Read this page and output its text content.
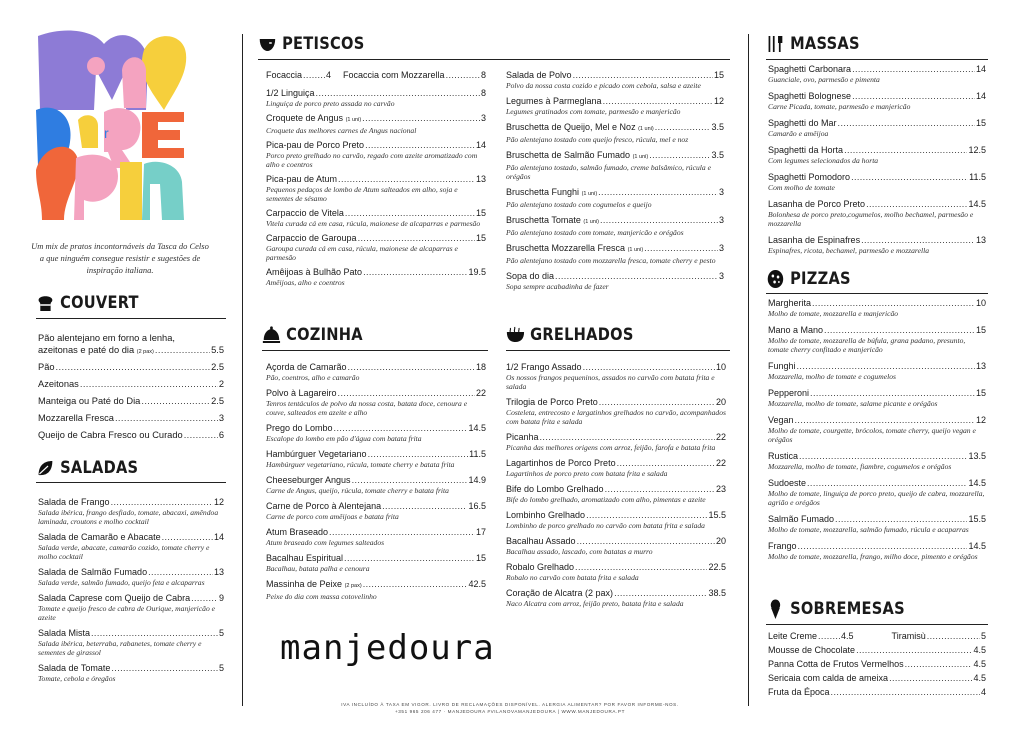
r
Um mix de pratos incontornáveis da Tasca do Celso a que ninguém consegue resistir e sugestões de inspiração italiana.
COUVERT
Pão alentejano em forno a lenha,
azeitonas e paté do dia (2 pax) .....	5.5
Pão .....	2.5
Azeitonas .....	2
Manteiga ou Paté do Dia .....	2.5
Mozzarella Fresca .....	3
Queijo de Cabra Fresco ou Curado .....	6
SALADAS
Salada de Frango .....	12
Salada ibérica, frango desfiado, tomate, abacaxi, amêndoa laminada, croutons e molho cocktail
Salada de Camarão e Abacate .....	14
Salada verde, abacate, camarão cozido, tomate cherry e molho cocktail
Salada de Salmão Fumado .....	13
Salada verde, salmão fumado, queijo feta e alcaparras
Salada Caprese com Queijo de Cabra .....	9
Tomate e queijo fresco de cabra de Ourique, manjericão e azeite
Salada Mista .....	5
Salada ibérica, beterraba, rabanetes, tomate cherry e sementes de girassol
Salada de Tomate .....	5
Tomate, cebola e óregãos
PETISCOS
Focaccia .....	4 Focaccia com Mozzarella .....	8
1/2 Linguiça .....	8
Linguiça de porco preto assada no carvão
Croquete de Angus (1 uni) .....	3
Croquete das melhores carnes de Angus nacional
Pica-pau de Porco Preto .....	14
Porco preto grelhado no carvão, regado com azeite aromatizado com alho e coentros
Pica-pau de Atum .....	13
Pequenos pedaços de lombo de Atum salteados em alho, soja e sementes de sésamo
Carpaccio de Vitela .....	15
Vitela curada cá em casa, rúcula, maionese de alcaparras e parmesão
Carpaccio de Garoupa .....	15
Garoupa curada cá em casa, rúcula, maionese de alcaparras e parmesão
Amêijoas à Bulhão Pato .....	19.5
Amêijoas, alho e coentros
Salada de Polvo .....	15
Polvo da nossa costa cozido e picado com cebola, salsa e azeite
Legumes à Parmeglana .....	12
Legumes gratinados com tomate, parmesão e manjericão
Bruschetta de Queijo, Mel e Noz (1 uni) .....	3.5
Pão alentejano tostado com queijo fresco, rúcula, mel e noz
Bruschetta de Salmão Fumado (1 uni) .....	3.5
Pão alentejano tostado, salmão fumado, creme balsâmico, rúcula e orégãos
Bruschetta Funghi (1 uni) .....	3
Pão alentejano tostado com cogumelos e queijo
Bruschetta Tomate (1 uni) .....	3
Pão alentejano tostado com tomate, manjericão e orégãos
Bruschetta Mozzarella Fresca (1 uni) .....	3
Pão alentejano tostado com mozzarella fresca, tomate cherry e pesto
Sopa do dia .....	3
Sopa sempre acabadinha de fazer
COZINHA
Açorda de Camarão .....	18
Pão, coentros, alho e camarão
Polvo à Lagareiro .....	22
Tenros tentáculos de polvo da nossa costa, batata doce, cenoura e couve, salteados em azeite e alho
Prego do Lombo .....	14.5
Escalope do lombo em pão d'água com batata frita
Hambúrguer Vegetariano .....	11.5
Hambúrguer vegetariano, rúcula, tomate cherry e batata frita
Cheeseburger Angus .....	14.9
Carne de Angus, queijo, rúcula, tomate cherry e batata frita
Carne de Porco à Alentejana .....	16.5
Carne de porco com amêijoas e batata frita
Atum Braseado .....	17
Atum braseado com legumes salteados
Bacalhau Espiritual .....	15
Bacalhau, batata palha e cenoura
Massinha de Peixe (2 pax) .....	42.5
Peixe do dia com massa cotovelinho
GRELHADOS
1/2 Frango Assado .....	10
Os nossos frangos pequeninos, assados no carvão com batata frita e salada
Trilogia de Porco Preto .....	20
Costeleta, entrecosto e largatinhos grelhados no carvão, acompanhados com batata frita e salada
Picanha .....	22
Picanha das melhores origens com arroz, feijão, farofa e batata frita
Lagartinhos de Porco Preto .....	22
Lagartinhos de porco preto com batata frita e salada
Bife do Lombo Grelhado .....	23
Bife do lombo grelhado, aromatizado com alho, pimentas e azeite
Lombinho Grelhado .....	15.5
Lombinho de porco grelhado no carvão com batata frita e salada
Bacalhau Assado .....	20
Bacalhau assado, lascado, com batatas a murro
Robalo Grelhado .....	22.5
Robalo no carvão com batata frita e salada
Coração de Alcatra (2 pax) .....	38.5
Naco Alcatra com arroz, feijão preto, batata frita e salada
manjedoura
IVA INCLUÍDO À TAXA EM VIGOR. LIVRO DE RECLAMAÇÕES DISPONÍVEL. ALERGIA ALIMENTAR? POR FAVOR INFORME-NOS.
+351 965 206 477 · MANJEDOURA #VILANOVAMANJEDOURA | WWW.MANJEDOURA.PT
MASSAS
Spaghetti Carbonara .....	14
Guanciale, ovo, parmesão e pimenta
Spaghetti Bolognese .....	14
Carne Picada, tomate, parmesão e manjericão
Spaghetti do Mar .....	15
Camarão e amêijoa
Spaghetti da Horta .....	12.5
Com legumes selecionados da horta
Spaghetti Pomodoro .....	11.5
Com molho de tomate
Lasanha de Porco Preto .....	14.5
Bolonhesa de porco preto,cogumelos, molho bechamel, parmesão e mozzarella
Lasanha de Espinafres .....	13
Espinafres, ricota, bechamel, parmesão e mozzarella
PIZZAS
Margherita .....	10
Molho de tomate, mozzarella e manjericão
Mano a Mano .....	15
Molho de tomate, mozzarella de búfula, grana padano, presunto, tomate cherry confitado e manjericão
Funghi .....	13
Mozzarella, molho de tomate e cogumelos
Pepperoni .....	15
Mozzarella, molho de tomate, salame picante e orégãos
Vegan .....	12
Molho de tomate, courgette, brócolos, tomate cherry, queijo vegan e orégãos
Rustica .....	13.5
Mozzarella, molho de tomate, fiambre, cogumelos e orégãos
Sudoeste .....	14.5
Molho de tomate, linguiça de porco preto, queijo de cabra, mozzarella, agrião e orégãos
Salmão Fumado .....	15.5
Molho de tomate, mozzarella, salmão fumado, rúcula e acaparras
Frango .....	14.5
Molho de tomate, mozzarella, frango, milho doce, pimento e orégãos
SOBREMESAS
Leite Creme .....	4.5	Tiramisù .....	5
Mousse de Chocolate .....	4.5
Panna Cotta de Frutos Vermelhos .....	4.5
Sericaia com calda de ameixa .....	4.5
Fruta da Época .....	4
